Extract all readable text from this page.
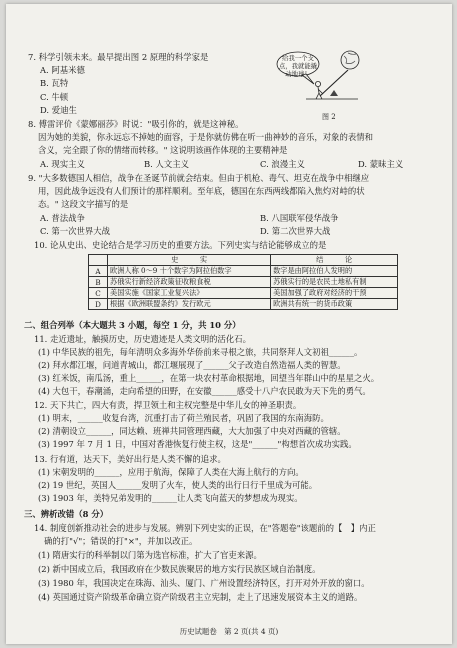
7. 科学引领未来。最早提出图 2 原理的科学家是
A. 阿基米德
B. 瓦特
C. 牛顿
D. 爱迪生
给我一个支点，我就能撬动地球！
图 2
8. 傅雷评价《蒙娜丽莎》时说："吸引你的，就是这神秘。
因为她的美貌，你永远忘不掉她的面容，于是你就仿佛在听一曲神妙的音乐，对象的表情和
含义，完全跟了你的情绪而转移。" 这说明该画作体现的主要精神是
A. 现实主义	B. 人文主义	C. 浪漫主义	D. 蒙昧主义
9. "大多数德国人相信，战争在圣诞节前就会结束。但由于机枪、毒气、坦克在战争中相继应
用，因此战争远没有人们预计的那样顺利。至年底，德国在东西两线都陷入焦灼对峙的状
态。" 这段文字描写的是
A. 普法战争	B. 八国联军侵华战争
C. 第一次世界大战	D. 第二次世界大战
10. 论从史出、史论结合是学习历史的重要方法。下列史实与结论能够成立的是
	史　　　实	结　　　论
A	欧洲人称 0～9 十个数字为阿拉伯数字	数字是由阿拉伯人发明的
B	苏俄实行新经济政策征收粮食税	苏俄实行的是农民土地私有制
C	美国实施《国家工业复兴法》	美国加强了政府对经济的干预
D	根据《欧洲联盟条约》发行欧元	欧洲共有统一的货币政策
二、组合列举（本大题共 3 小题，每空 1 分，共 10 分）
11. 走近遗址，触摸历史，历史遗迹是人类文明的活化石。
(1) 中华民族的祖先，每年清明众多海外华侨前来寻根之旅，共同祭拜人文初祖______。
(2) 拜水都江堰，问道青城山，都江堰展现了______父子改造自然造福人类的智慧。
(3) 红米饭，南瓜汤，重上______，在第一块农村革命根据地，回望当年群山中的星星之火。
(4) 大包干，春潮涌，走向希望的田野，在安徽______感受十八户农民敢为天下先的勇气。
12. 天下共亡，四大有责，捍卫领土和主权完整是中华儿女的神圣职责。
(1) 明末，______收复台湾，沉重打击了荷兰殖民者，巩固了我国的东南海防。
(2) 清朝设立______，同达赖、班禅共同管理西藏，大大加强了中央对西藏的管辖。
(3) 1997 年 7 月 1 日，中国对香港恢复行使主权，这是"______"构想首次成功实践。
13. 行有道，达天下，美好出行是人类不懈的追求。
(1) 宋朝发明的______，应用于航海，保障了人类在大海上航行的方向。
(2) 19 世纪，英国人______发明了火车，使人类的出行日行千里成为可能。
(3) 1903 年，美特兄弟发明的______让人类飞向蓝天的梦想成为现实。
三、辨析改错（8 分）
14. 制度创新推动社会的进步与发展。辨别下列史实的正误，在"答题卷"该题前的【　】内正
确的打"√"；错误的打"×"，并加以改正。
(1) 隋唐实行的科举制以门第为选官标准，扩大了官吏来源。
(2) 新中国成立后，我国政府在少数民族聚居的地方实行民族区域自治制度。
(3) 1980 年，我国决定在珠海、汕头、厦门、广州设置经济特区，打开对外开放的窗口。
(4) 英国通过资产阶级革命确立资产阶级君主立宪制，走上了迅速发展资本主义的道路。
历史试题卷　第 2 页(共 4 页)
